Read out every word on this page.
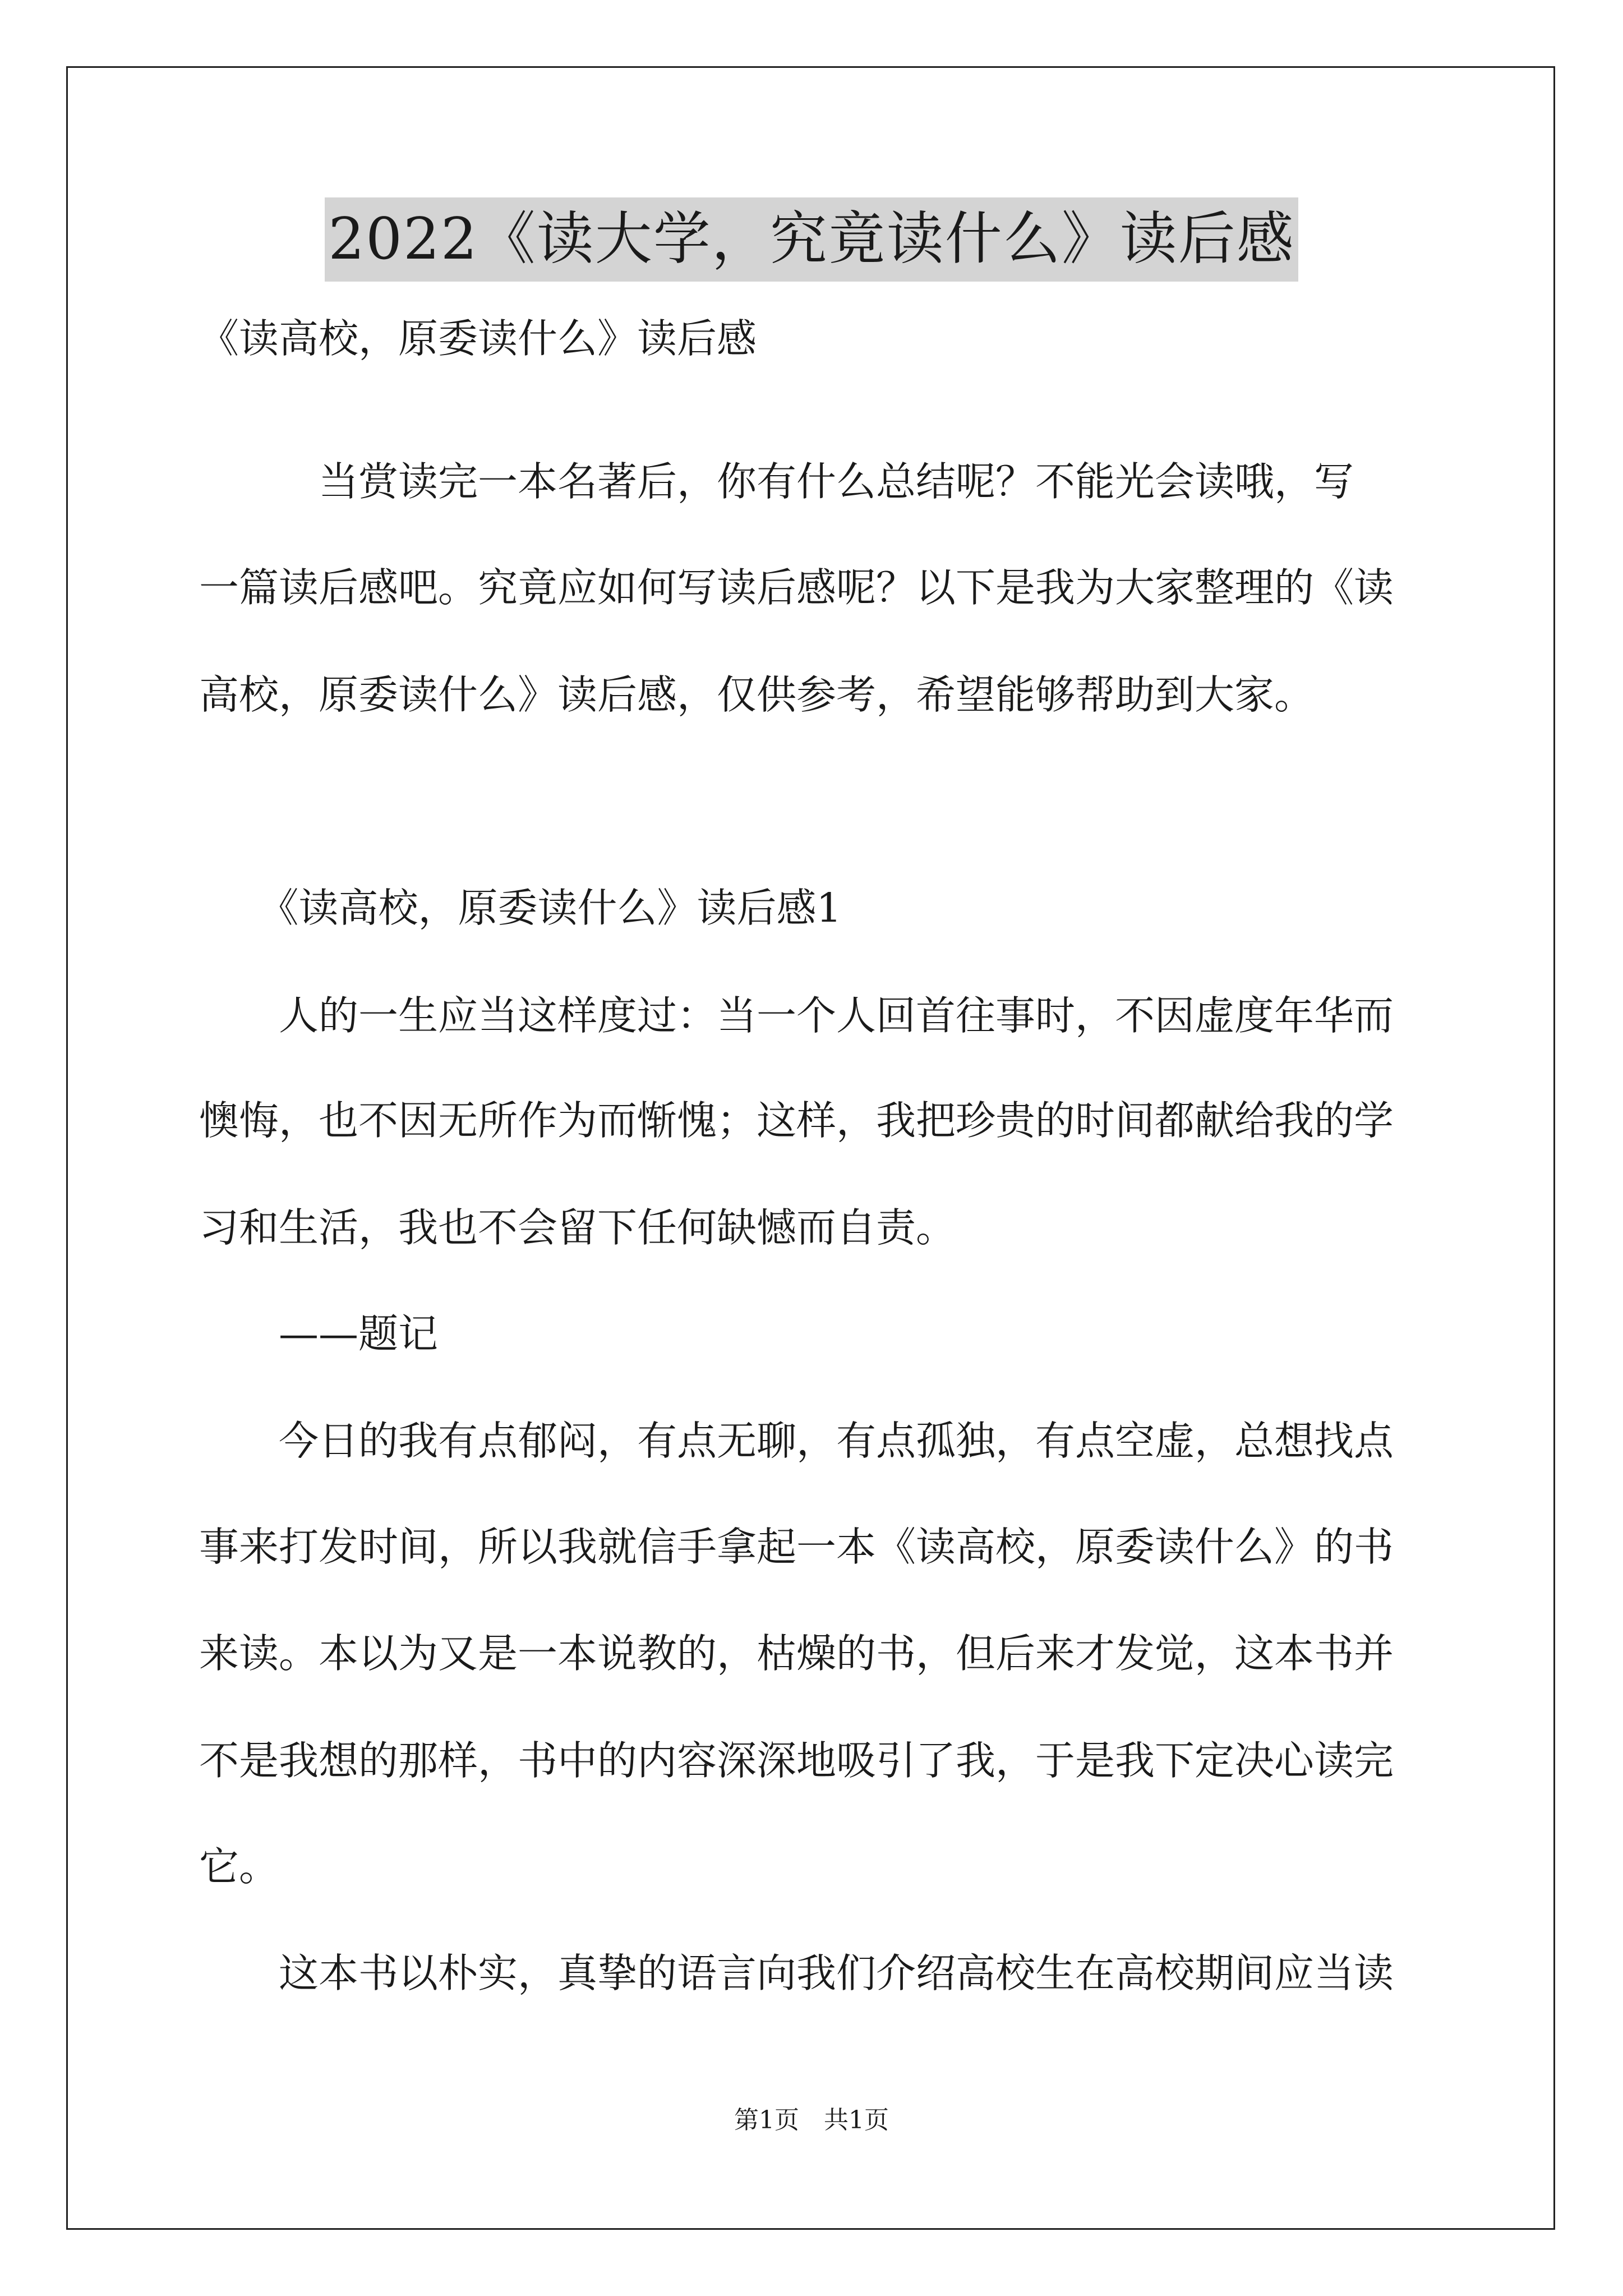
2022《读大学，究竟读什么》读后感
《读高校，原委读什么》读后感
　　　当赏读完一本名著后，你有什么总结呢？不能光会读哦，写
一篇读后感吧。究竟应如何写读后感呢？以下是我为大家整理的《读
高校，原委读什么》读后感，仅供参考，希望能够帮助到大家。
　　《读高校，原委读什么》读后感1
　　人的一生应当这样度过：当一个人回首往事时，不因虚度年华而
懊悔，也不因无所作为而惭愧；这样，我把珍贵的时间都献给我的学
习和生活，我也不会留下任何缺憾而自责。
　　——题记
　　今日的我有点郁闷，有点无聊，有点孤独，有点空虚，总想找点
事来打发时间，所以我就信手拿起一本《读高校，原委读什么》的书
来读。本以为又是一本说教的，枯燥的书，但后来才发觉，这本书并
不是我想的那样，书中的内容深深地吸引了我，于是我下定决心读完
它。
　　这本书以朴实，真挚的语言向我们介绍高校生在高校期间应当读
第1页　共1页
